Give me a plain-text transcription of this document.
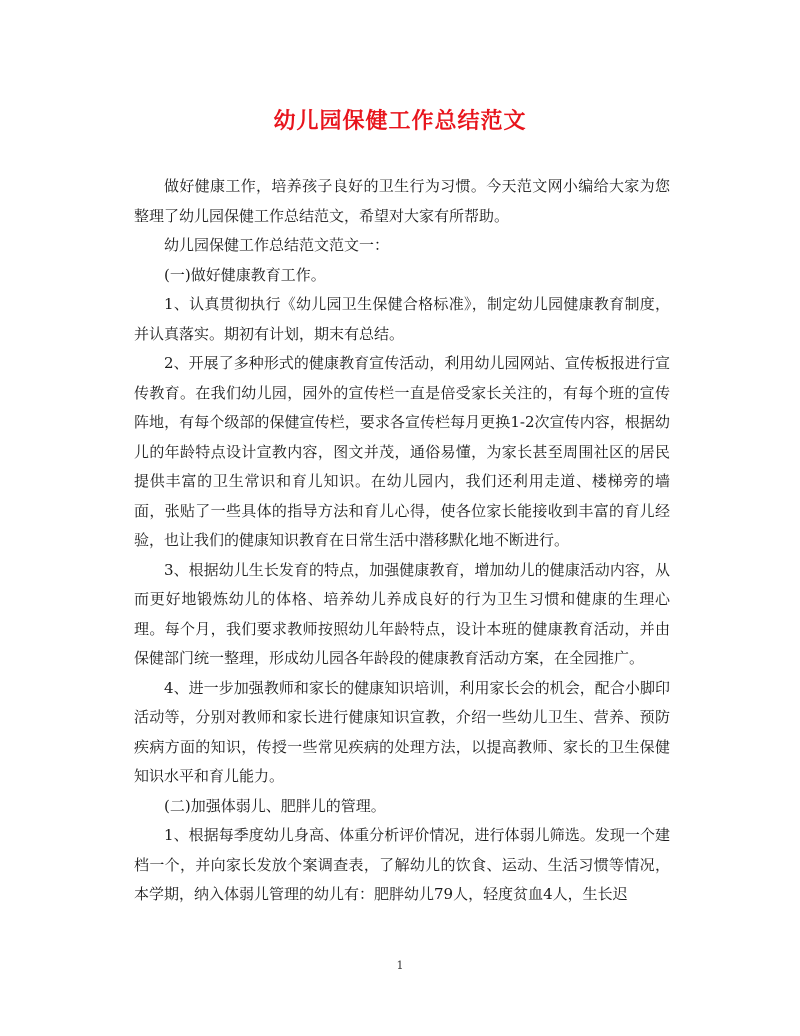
幼儿园保健工作总结范文

做好健康工作，培养孩子良好的卫生行为习惯。今天范文网小编给大家为您整理了幼儿园保健工作总结范文，希望对大家有所帮助。

幼儿园保健工作总结范文范文一：

(一)做好健康教育工作。

1、认真贯彻执行《幼儿园卫生保健合格标准》，制定幼儿园健康教育制度，并认真落实。期初有计划，期末有总结。

2、开展了多种形式的健康教育宣传活动，利用幼儿园网站、宣传板报进行宣传教育。在我们幼儿园，园外的宣传栏一直是倍受家长关注的，有每个班的宣传阵地，有每个级部的保健宣传栏，要求各宣传栏每月更换1-2次宣传内容，根据幼儿的年龄特点设计宣教内容，图文并茂，通俗易懂，为家长甚至周围社区的居民提供丰富的卫生常识和育儿知识。在幼儿园内，我们还利用走道、楼梯旁的墙面，张贴了一些具体的指导方法和育儿心得，使各位家长能接收到丰富的育儿经验，也让我们的健康知识教育在日常生活中潜移默化地不断进行。

3、根据幼儿生长发育的特点，加强健康教育，增加幼儿的健康活动内容，从而更好地锻炼幼儿的体格、培养幼儿养成良好的行为卫生习惯和健康的生理心理。每个月，我们要求教师按照幼儿年龄特点，设计本班的健康教育活动，并由保健部门统一整理，形成幼儿园各年龄段的健康教育活动方案，在全园推广。

4、进一步加强教师和家长的健康知识培训，利用家长会的机会，配合小脚印活动等，分别对教师和家长进行健康知识宣教，介绍一些幼儿卫生、营养、预防疾病方面的知识，传授一些常见疾病的处理方法，以提高教师、家长的卫生保健知识水平和育儿能力。

(二)加强体弱儿、肥胖儿的管理。

1、根据每季度幼儿身高、体重分析评价情况，进行体弱儿筛选。发现一个建档一个，并向家长发放个案调查表，了解幼儿的饮食、运动、生活习惯等情况，本学期，纳入体弱儿管理的幼儿有：肥胖幼儿79人，轻度贫血4人，生长迟

1
